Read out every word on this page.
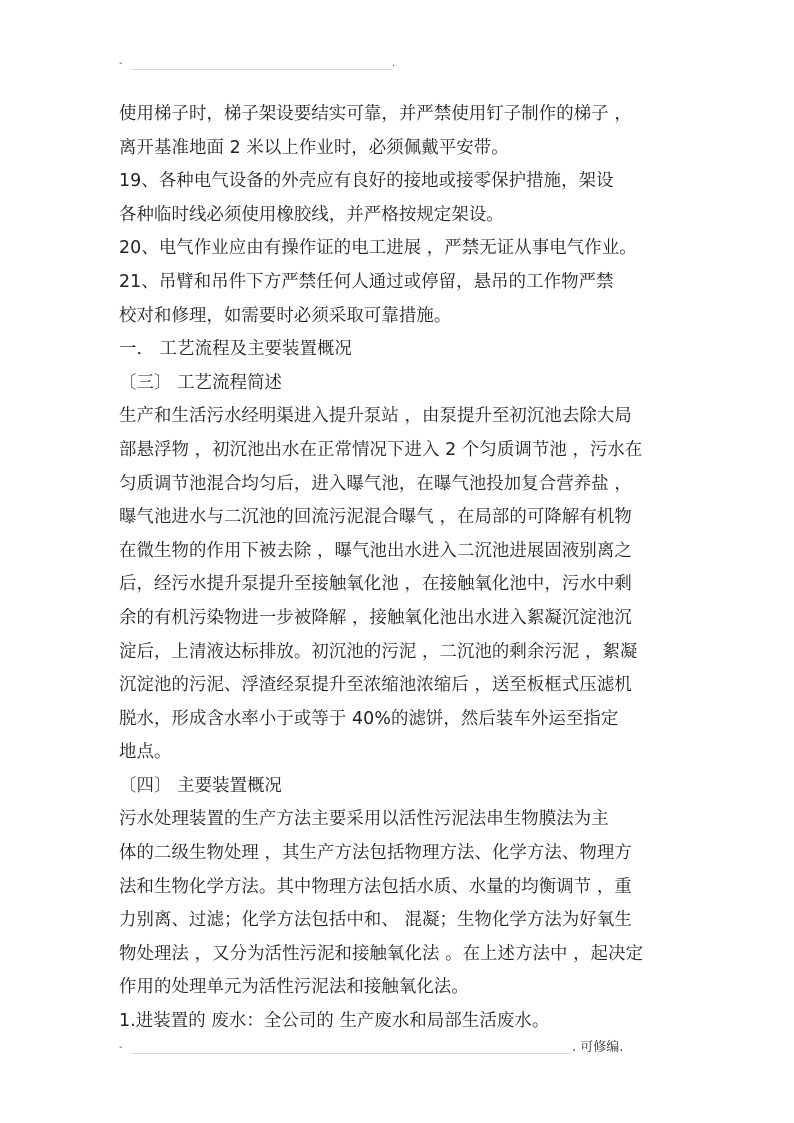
-	.
使用梯子时，梯子架设要结实可靠，并严禁使用钉子制作的梯子 ，
离开基准地面 2 米以上作业时，必须佩戴平安带。
19、各种电气设备的外壳应有良好的接地或接零保护措施，架设
各种临时线必须使用橡胶线，并严格按规定架设。
20、电气作业应由有操作证的电工进展 ，严禁无证从事电气作业。
21、吊臂和吊件下方严禁任何人通过或停留，悬吊的工作物严禁
校对和修理，如需要时必须采取可靠措施。
一． 工艺流程及主要装置概况
〔三〕 工艺流程简述
生产和生活污水经明渠进入提升泵站 ，由泵提升至初沉池去除大局
部悬浮物 ，初沉池出水在正常情况下进入 2 个匀质调节池 ，污水在
匀质调节池混合均匀后，进入曝气池，在曝气池投加复合营养盐 ，
曝气池进水与二沉池的回流污泥混合曝气 ，在局部的可降解有机物
在微生物的作用下被去除 ，曝气池出水进入二沉池进展固液别离之
后，经污水提升泵提升至接触氧化池 ，在接触氧化池中，污水中剩
余的有机污染物进一步被降解 ，接触氧化池出水进入絮凝沉淀池沉
淀后，上清液达标排放。初沉池的污泥 ，二沉池的剩余污泥 ，絮凝
沉淀池的污泥、浮渣经泵提升至浓缩池浓缩后 ，送至板框式压滤机
脱水，形成含水率小于或等于 40%的滤饼，然后装车外运至指定
地点。
〔四〕 主要装置概况
污水处理装置的生产方法主要采用以活性污泥法串生物膜法为主
体的二级生物处理 ，其生产方法包括物理方法、化学方法、物理方
法和生物化学方法。其中物理方法包括水质、水量的均衡调节 ，重
力别离、过滤；化学方法包括中和、 混凝；生物化学方法为好氧生
物处理法 ，又分为活性污泥和接触氧化法 。在上述方法中 ，起决定
作用的处理单元为活性污泥法和接触氧化法。
1.进装置的 废水：全公司的 生产废水和局部生活废水。
-	. 可修编.
